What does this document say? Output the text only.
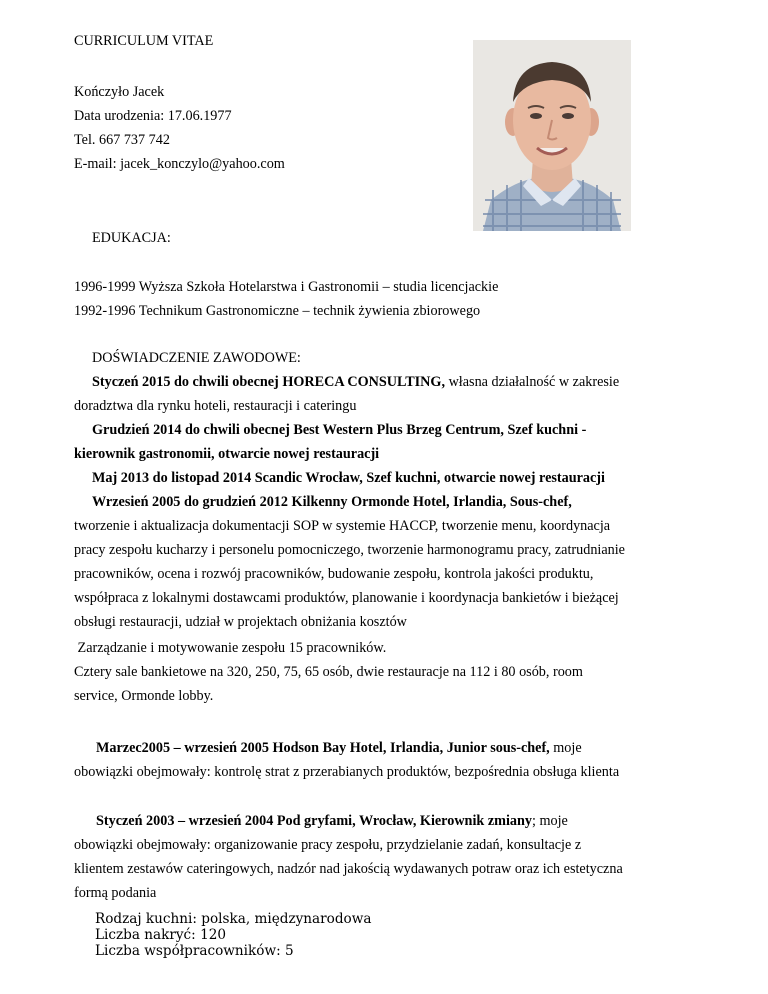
CURRICULUM VITAE
Kończyło Jacek
Data urodzenia: 17.06.1977
Tel. 667 737 742
E-mail: jacek_konczylo@yahoo.com
EDUKACJA:
1996-1999 Wyższa Szkoła Hotelarstwa i Gastronomii – studia licencjackie
1992-1996 Technikum Gastronomiczne – technik żywienia zbiorowego
DOŚWIADCZENIE ZAWODOWE:
Styczeń 2015 do chwili obecnej HORECA CONSULTING, własna działalność w zakresie
doradztwa dla rynku hoteli, restauracji i cateringu
Grudzień 2014 do chwili obecnej Best Western Plus Brzeg Centrum, Szef kuchni -
kierownik gastronomii, otwarcie nowej restauracji
Maj 2013 do listopad 2014 Scandic Wrocław, Szef kuchni, otwarcie nowej restauracji
Wrzesień 2005 do grudzień 2012 Kilkenny Ormonde Hotel, Irlandia, Sous-chef,
tworzenie i aktualizacja dokumentacji SOP w systemie HACCP, tworzenie menu, koordynacja
pracy zespołu kucharzy i personelu pomocniczego, tworzenie harmonogramu pracy, zatrudnianie
pracowników, ocena i rozwój pracowników, budowanie zespołu, kontrola jakości produktu,
współpraca z lokalnymi dostawcami produktów, planowanie i koordynacja bankietów i bieżącej
obsługi restauracji, udział w projektach obniżania kosztów
Zarządzanie i motywowanie zespołu 15 pracowników.
Cztery sale bankietowe na 320, 250, 75, 65 osób, dwie restauracje na 112 i 80 osób, room
service, Ormonde lobby.
Marzec2005 – wrzesień 2005 Hodson Bay Hotel, Irlandia, Junior sous-chef, moje
obowiązki obejmowały: kontrolę strat z przerabianych produktów, bezpośrednia obsługa klienta
Styczeń 2003 – wrzesień 2004 Pod gryfami, Wrocław, Kierownik zmiany; moje
obowiązki obejmowały: organizowanie pracy zespołu, przydzielanie zadań, konsultacje z
klientem zestawów cateringowych, nadzór nad jakością wydawanych potraw oraz ich estetyczna
formą podania
Rodzaj kuchni: polska, międzynarodowa
Liczba nakryć: 120
Liczba współpracowników: 5
